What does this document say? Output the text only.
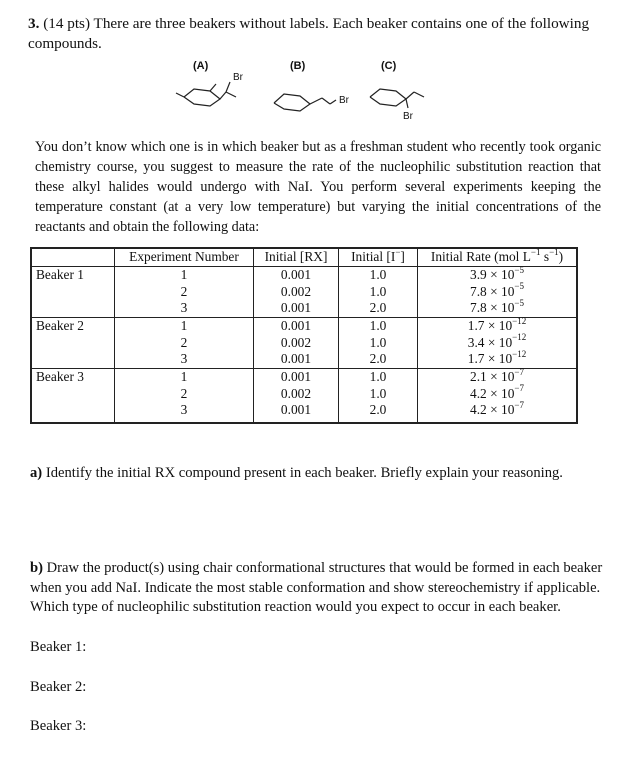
3. (14 pts) There are three beakers without labels. Each beaker contains one of the following compounds.
(A)	(B)	(C)
Br
Br
Br
You don’t know which one is in which beaker but as a freshman student who recently took organic chemistry course, you suggest to measure the rate of the nucleophilic substitution reaction that these alkyl halides would undergo with NaI. You perform several experiments keeping the temperature constant (at a very low temperature) but varying the initial concentrations of the reactants and obtain the following data:
	Experiment Number	Initial [RX]	Initial [I−]	Initial Rate (mol $L^{-1}$ $s^{-1}$)
Beaker 1	1	0.001	1.0	$3.9 \times 10^{-5}$
	2	0.002	1.0	$7.8 \times 10^{-5}$
	3	0.001	2.0	$7.8 \times 10^{-5}$
Beaker 2	1	0.001	1.0	$1.7 \times 10^{-12}$
	2	0.002	1.0	$3.4 \times 10^{-12}$
	3	0.001	2.0	$1.7 \times 10^{-12}$
Beaker 3	1	0.001	1.0	$2.1 \times 10^{-7}$
	2	0.002	1.0	$4.2 \times 10^{-7}$
	3	0.001	2.0	$4.2 \times 10^{-7}$
a) Identify the initial RX compound present in each beaker. Briefly explain your reasoning.
b) Draw the product(s) using chair conformational structures that would be formed in each beaker when you add NaI. Indicate the most stable conformation and show stereochemistry if applicable. Which type of nucleophilic substitution reaction would you expect to occur in each beaker.
Beaker 1:
Beaker 2:
Beaker 3:
